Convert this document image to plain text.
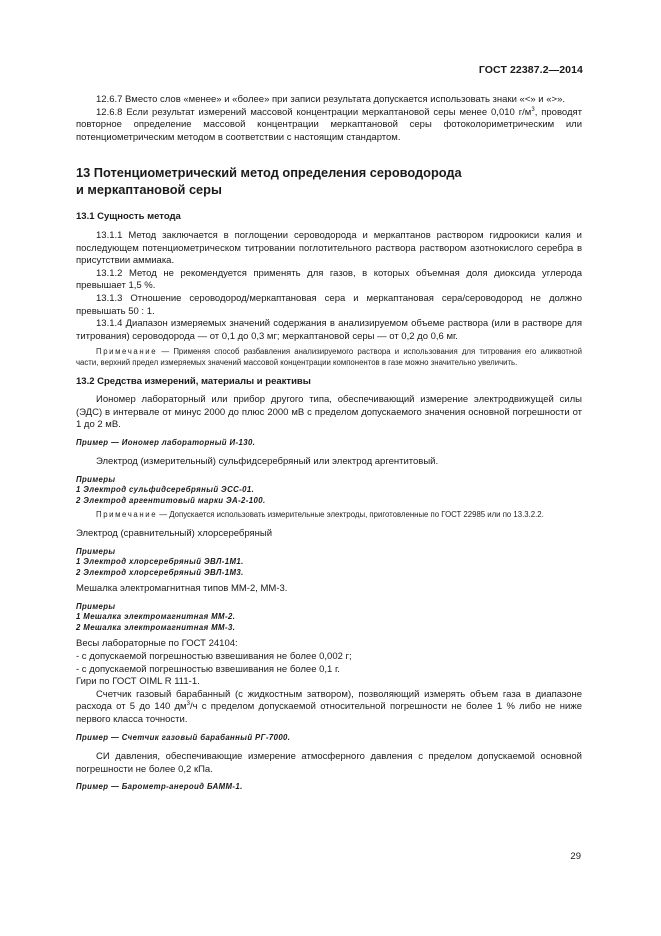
ГОСТ 22387.2—2014

12.6.7 Вместо слов «менее» и «более» при записи результата допускается использовать знаки «<» и «>».

12.6.8 Если результат измерений массовой концентрации меркаптановой серы менее 0,010 $г/м^3$, проводят повторное определение массовой концентрации меркаптановой серы фотоколориметрическим или потенциометрическим методом в соответствии с настоящим стандартом.

13 Потенциометрический метод определения сероводорода
и меркаптановой серы

13.1 Сущность метода

13.1.1 Метод заключается в поглощении сероводорода и меркаптанов раствором гидроокиси калия и последующем потенциометрическом титровании поглотительного раствора раствором азотнокислого серебра в присутствии аммиака.

13.1.2 Метод не рекомендуется применять для газов, в которых объемная доля диоксида углерода превышает 1,5 %.

13.1.3 Отношение сероводород/меркаптановая сера и меркаптановая сера/сероводород не должно превышать 50 : 1.

13.1.4 Диапазон измеряемых значений содержания в анализируемом объеме раствора (или в растворе для титрования) сероводорода — от 0,1 до 0,3 мг; меркаптановой серы — от 0,2 до 0,6 мг.

Примечание — Применяя способ разбавления анализируемого раствора и использования для титрования его аликвотной части, верхний предел измеряемых значений массовой концентрации компонентов в газе можно значительно увеличить.

13.2 Средства измерений, материалы и реактивы

Иономер лабораторный или прибор другого типа, обеспечивающий измерение электродвижущей силы (ЭДС) в интервале от минус 2000 до плюс 2000 мВ с пределом допускаемого значения основной погрешности от 1 до 2 мВ.

Пример — Иономер лабораторный И-130.

Электрод (измерительный) сульфидсеребряный или электрод аргентитовый.

Примеры

1 Электрод сульфидсеребряный ЭСС-01.

2 Электрод аргентитовый марки ЭА-2-100.

Примечание — Допускается использовать измерительные электроды, приготовленные по ГОСТ 22985 или по 13.3.2.2.

Электрод (сравнительный) хлорсеребряный

Примеры

1 Электрод хлорсеребряный ЭВЛ-1М1.

2 Электрод хлорсеребряный ЭВЛ-1М3.

Мешалка электромагнитная типов ММ-2, ММ-3.

Примеры

1 Мешалка электромагнитная ММ-2.

2 Мешалка электромагнитная ММ-3.

Весы лабораторные по ГОСТ 24104:

- с допускаемой погрешностью взвешивания не более 0,002 г;

- с допускаемой погрешностью взвешивания не более 0,1 г.

Гири по ГОСТ OIML R 111-1.

Счетчик газовый барабанный (с жидкостным затвором), позволяющий измерять объем газа в диапазоне расхода от 5 до 140 $дм^3/ч$ с пределом допускаемой относительной погрешности не более 1 % либо не ниже первого класса точности.

Пример — Счетчик газовый барабанный РГ-7000.

СИ давления, обеспечивающие измерение атмосферного давления с пределом допускаемой основной погрешности не более 0,2 кПа.

Пример — Барометр-анероид БАММ-1.

29
